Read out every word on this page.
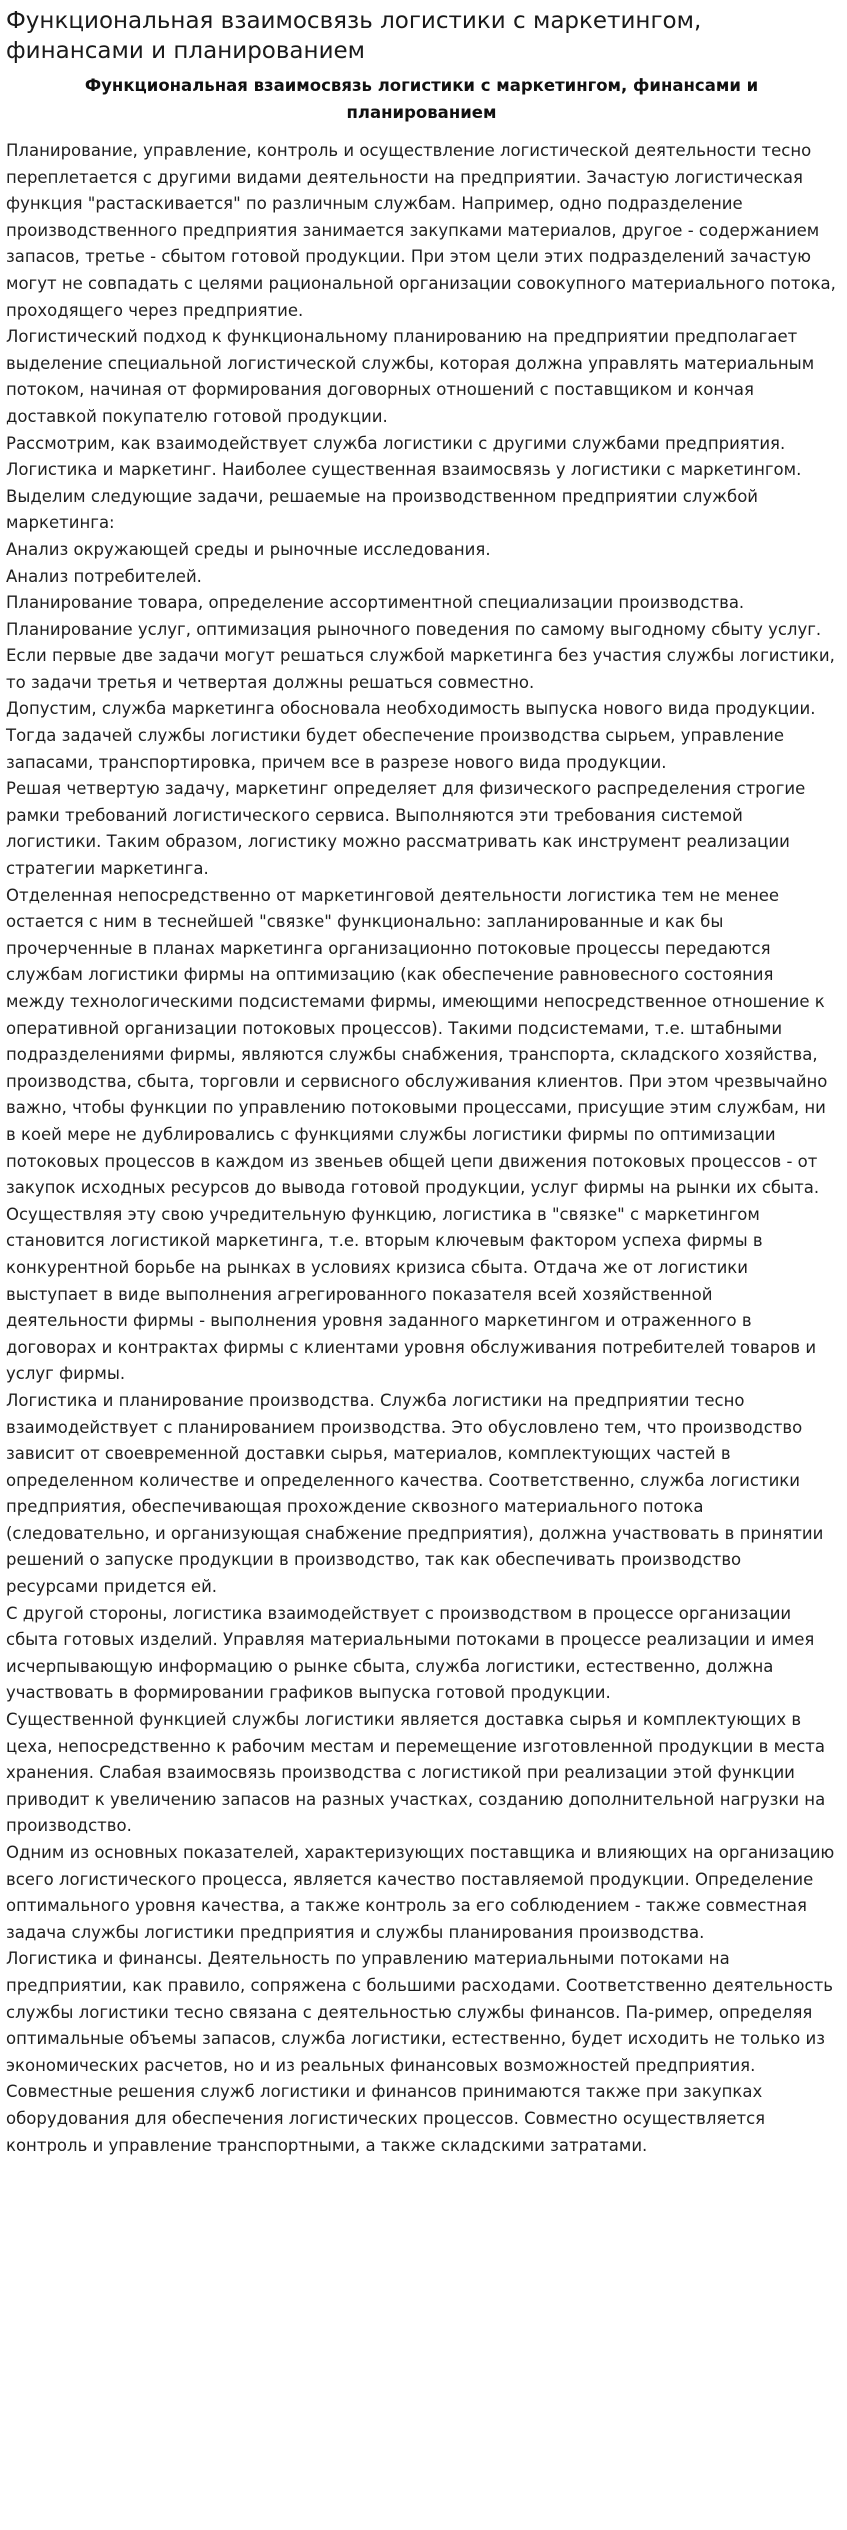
Функциональная взаимосвязь логистики с маркетингом, финансами и планированием
Функциональная взаимосвязь логистики с маркетингом, финансами и планированием

Планирование, управление, контроль и осуществление логистической деятельности тесно переплетается с другими видами деятельности на предприятии. Зачастую логистическая функция "растаскивается" по различным службам. Например, одно подразделение производственного предприятия занимается закупками материалов, другое - содержанием запасов, третье - сбытом готовой продукции. При этом цели этих подразделений зачастую могут не совпадать с целями рациональной организации совокупного материального потока, проходящего через предприятие.

Логистический подход к функциональному планированию на предприятии предполагает выделение специальной логистической службы, которая должна управлять материальным потоком, начиная от формирования договорных отношений с поставщиком и кончая доставкой покупателю готовой продукции.

Рассмотрим, как взаимодействует служба логистики с другими службами предприятия.

Логистика и маркетинг. Наиболее существенная взаимосвязь у логистики с маркетингом. Выделим следующие задачи, решаемые на производственном предприятии службой маркетинга:

Анализ окружающей среды и рыночные исследования.

Анализ потребителей.

Планирование товара, определение ассортиментной специализации производства.

Планирование услуг, оптимизация рыночного поведения по самому выгодному сбыту услуг.

Если первые две задачи могут решаться службой маркетинга без участия службы логистики, то задачи третья и четвертая должны решаться совместно.

Допустим, служба маркетинга обосновала необходимость выпуска нового вида продукции. Тогда задачей службы логистики будет обеспечение производства сырьем, управление запасами, транспортировка, причем все в разрезе нового вида продукции.

Решая четвертую задачу, маркетинг определяет для физического распределения строгие рамки требований логистического сервиса. Выполняются эти требования системой логистики. Таким образом, логистику можно рассматривать как инструмент реализации стратегии маркетинга.

Отделенная непосредственно от маркетинговой деятельности логистика тем не менее остается с ним в теснейшей "связке" функционально: запланированные и как бы прочерченные в планах маркетинга организационно потоковые процессы передаются службам логистики фирмы на оптимизацию (как обеспечение равновесного состояния между технологическими подсистемами фирмы, имеющими непосредственное отношение к оперативной организации потоковых процессов). Такими подсистемами, т.е. штабными подразделениями фирмы, являются службы снабжения, транспорта, складского хозяйства, производства, сбыта, торговли и сервисного обслуживания клиентов. При этом чрезвычайно важно, чтобы функции по управлению потоковыми процессами, присущие этим службам, ни в коей мере не дублировались с функциями службы логистики фирмы по оптимизации потоковых процессов в каждом из звеньев общей цепи движения потоковых процессов - от закупок исходных ресурсов до вывода готовой продукции, услуг фирмы на рынки их сбыта. Осуществляя эту свою учредительную функцию, логистика в "связке" с маркетингом становится логистикой маркетинга, т.е. вторым ключевым фактором успеха фирмы в конкурентной борьбе на рынках в условиях кризиса сбыта. Отдача же от логистики выступает в виде выполнения агрегированного показателя всей хозяйственной деятельности фирмы - выполнения уровня заданного маркетингом и отраженного в договорах и контрактах фирмы с клиентами уровня обслуживания потребителей товаров и услуг фирмы.

Логистика и планирование производства. Служба логистики на предприятии тесно взаимодействует с планированием производства. Это обусловлено тем, что производство зависит от своевременной доставки сырья, материалов, комплектующих частей в определенном количестве и определенного качества. Соответственно, служба логистики предприятия, обеспечивающая прохождение сквозного материального потока (следовательно, и организующая снабжение предприятия), должна участвовать в принятии решений о запуске продукции в производство, так как обеспечивать производство ресурсами придется ей.

С другой стороны, логистика взаимодействует с производством в процессе организации сбыта готовых изделий. Управляя материальными потоками в процессе реализации и имея исчерпывающую информацию о рынке сбыта, служба логистики, естественно, должна участвовать в формировании графиков выпуска готовой продукции.

Существенной функцией службы логистики является доставка сырья и комплектующих в цеха, непосредственно к рабочим местам и перемещение изготовленной продукции в места хранения. Слабая взаимосвязь производства с логистикой при реализации этой функции приводит к увеличению запасов на разных участках, созданию дополнительной нагрузки на производство.

Одним из основных показателей, характеризующих поставщика и влияющих на организацию всего логистического процесса, является качество поставляемой продукции. Определение оптимального уровня качества, а также контроль за его соблюдением - также совместная задача службы логистики предприятия и службы планирования производства.

Логистика и финансы. Деятельность по управлению материальными потоками на предприятии, как правило, сопряжена с большими расходами. Соответственно деятельность службы логистики тесно связана с деятельностью службы финансов. Па-ример, определяя оптимальные объемы запасов, служба логистики, естественно, будет исходить не только из экономических расчетов, но и из реальных финансовых возможностей предприятия. Совместные решения служб логистики и финансов принимаются также при закупках оборудования для обеспечения логистических процессов. Совместно осуществляется контроль и управление транспортными, а также складскими затратами.
